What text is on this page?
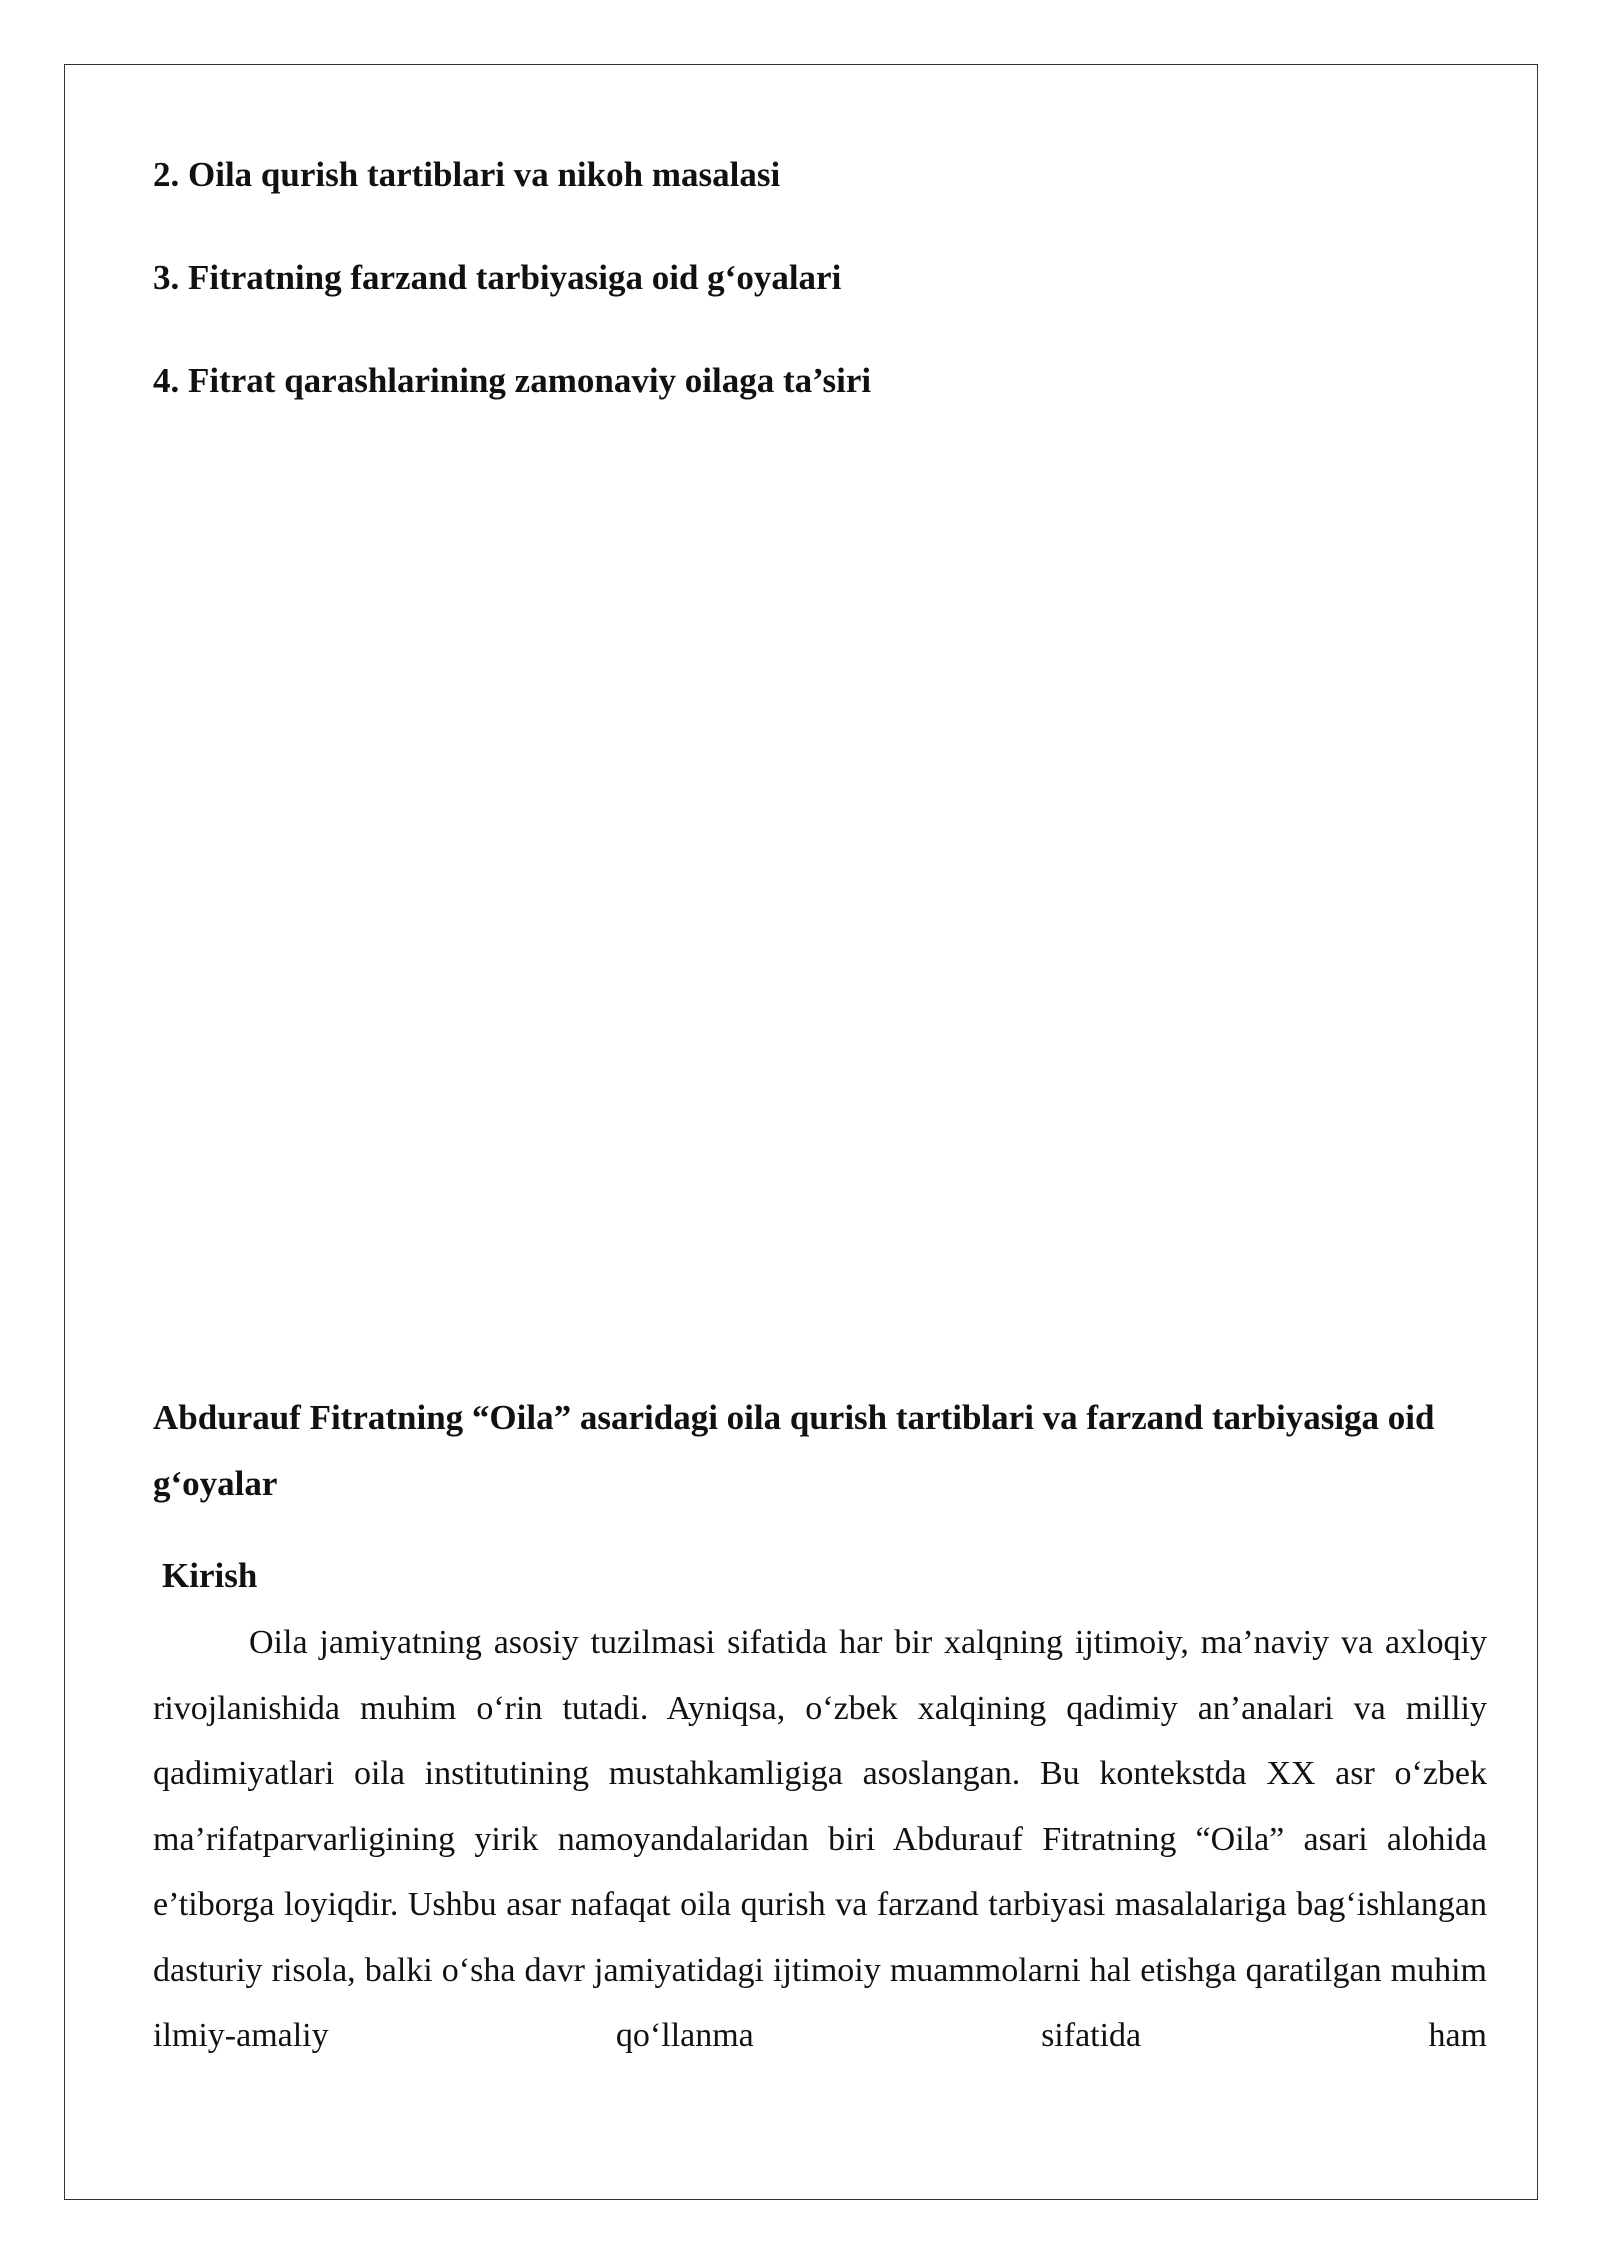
2. Oila qurish tartiblari va nikoh masalasi
3. Fitratning farzand tarbiyasiga oid g‘oyalari
4. Fitrat qarashlarining zamonaviy oilaga ta’siri
Abdurauf Fitratning “Oila” asaridagi oila qurish tartiblari va farzand tarbiyasiga oid g‘oyalar
Kirish

Oila jamiyatning asosiy tuzilmasi sifatida har bir xalqning ijtimoiy, ma’naviy va axloqiy rivojlanishida muhim o‘rin tutadi. Ayniqsa, o‘zbek xalqining qadimiy an’analari va milliy qadimiyatlari oila institutining mustahkamligiga asoslangan. Bu kontekstda XX asr o‘zbek ma’rifatparvarligining yirik namoyandalaridan biri Abdurauf Fitratning “Oila” asari alohida e’tiborga loyiqdir. Ushbu asar nafaqat oila qurish va farzand tarbiyasi masalalariga bag‘ishlangan dasturiy risola, balki o‘sha davr jamiyatidagi ijtimoiy muammolarni hal etishga qaratilgan muhim ilmiy-amaliy qo‘llanma sifatida ham
